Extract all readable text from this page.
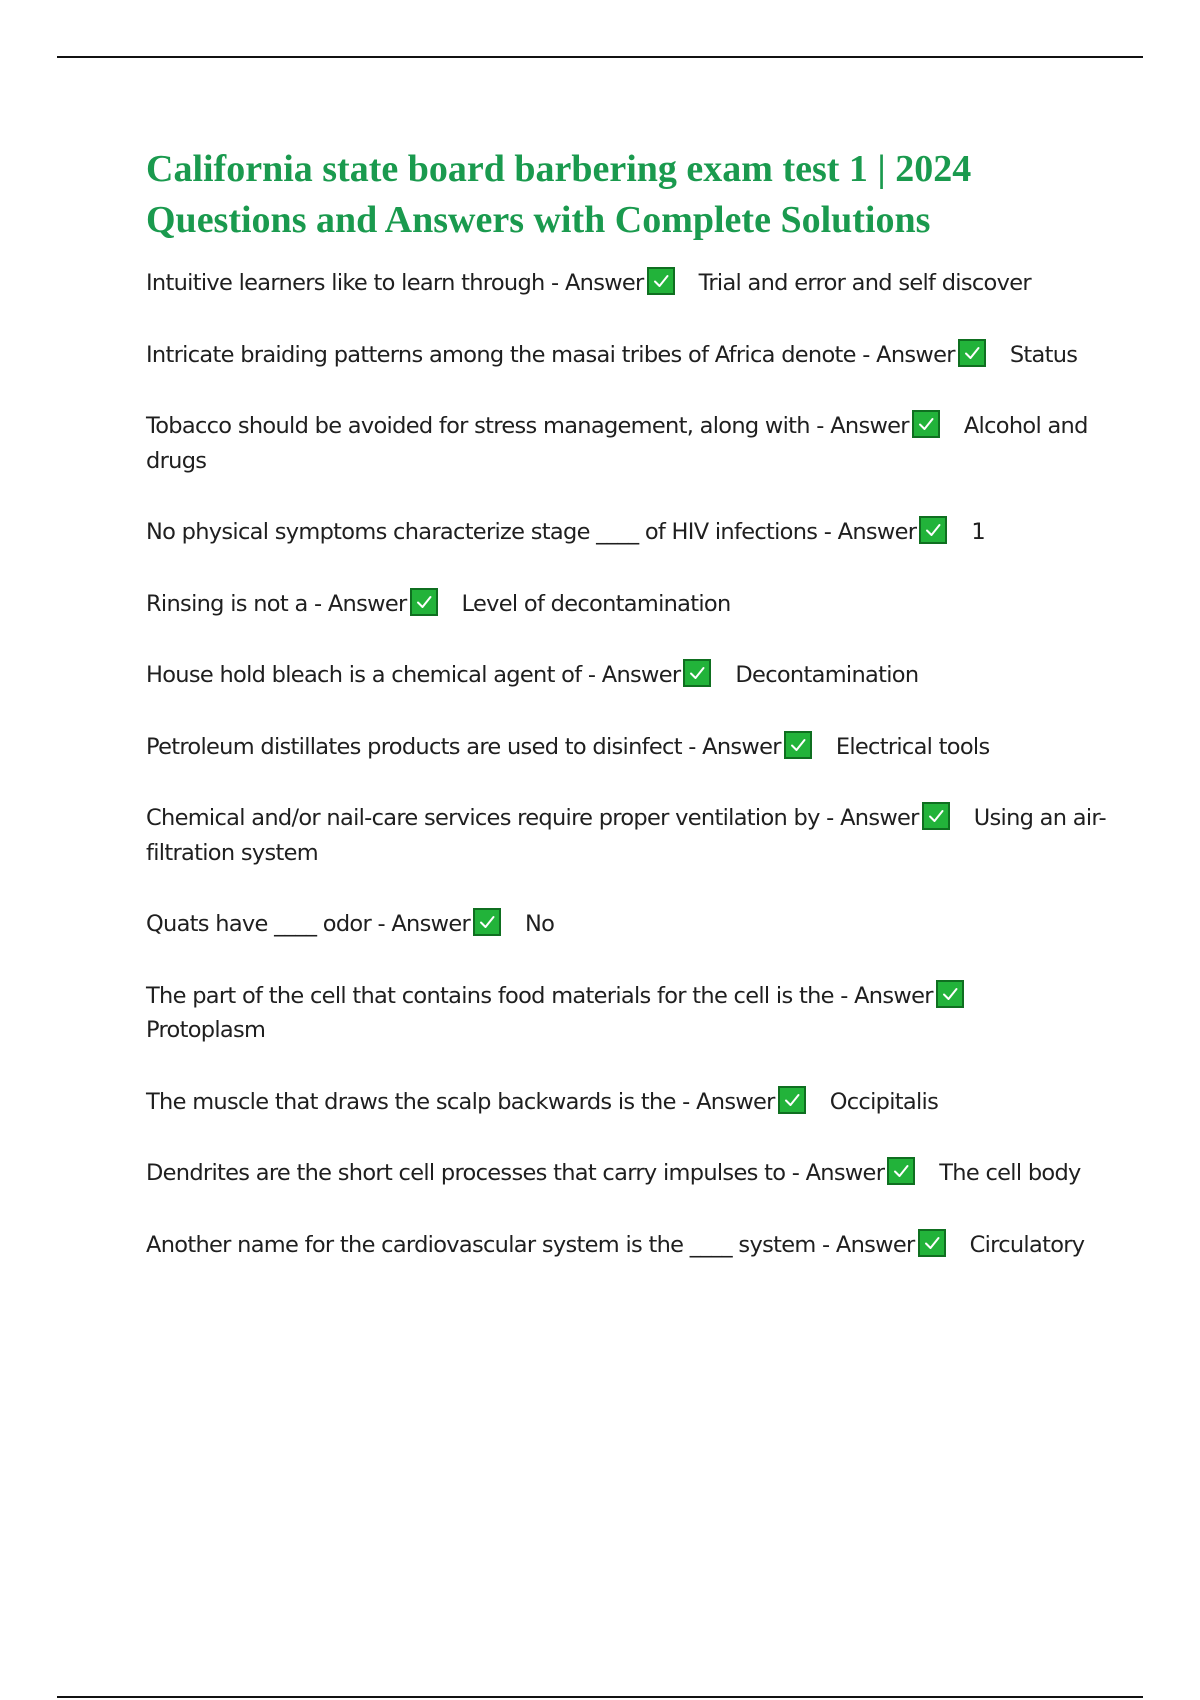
California state board barbering exam test 1 | 2024 Questions and Answers with Complete Solutions

Intuitive learners like to learn through - Answer Trial and error and self discover

Intricate braiding patterns among the masai tribes of Africa denote - Answer Status

Tobacco should be avoided for stress management, along with - Answer Alcohol and drugs

No physical symptoms characterize stage ____ of HIV infections - Answer 1

Rinsing is not a - Answer Level of decontamination

House hold bleach is a chemical agent of - Answer Decontamination

Petroleum distillates products are used to disinfect - Answer Electrical tools

Chemical and/or nail-care services require proper ventilation by - Answer Using an air-filtration system

Quats have ____ odor - Answer No

The part of the cell that contains food materials for the cell is the - Answer
Protoplasm

The muscle that draws the scalp backwards is the - Answer Occipitalis

Dendrites are the short cell processes that carry impulses to - Answer The cell body

Another name for the cardiovascular system is the ____ system - Answer Circulatory
